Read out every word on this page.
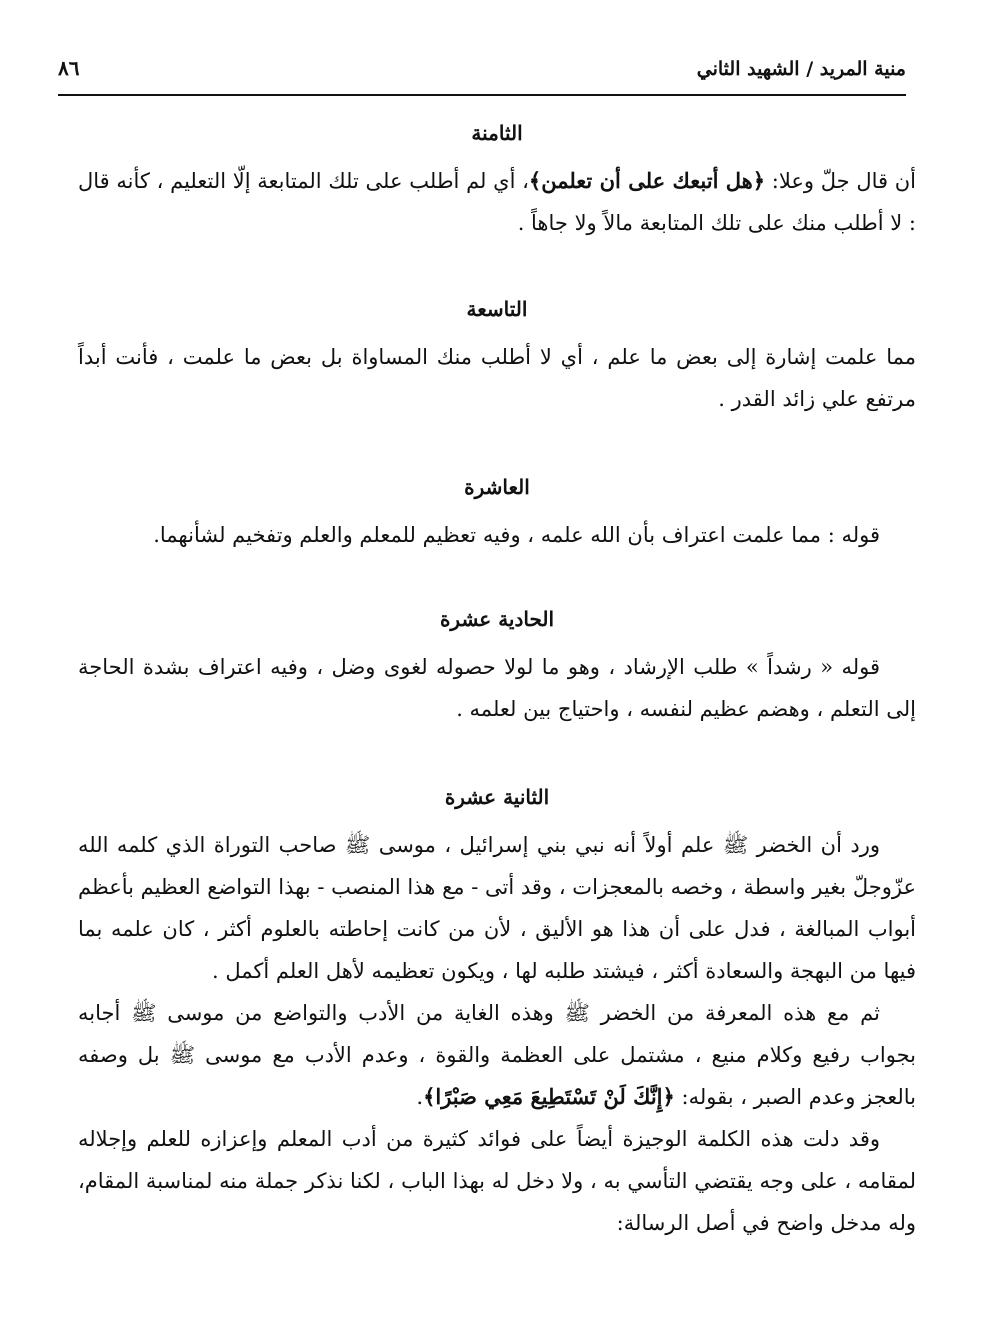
منية المريد / الشهيد الثاني
٨٦
الثامنة

أن قال جلّ وعلا: ﴿هل أتبعك على أن تعلمن﴾، أي لم أطلب على تلك المتابعة إلّا التعليم ، كأنه قال : لا أطلب منك على تلك المتابعة مالاً ولا جاهاً .

التاسعة

مما علمت إشارة إلى بعض ما علم ، أي لا أطلب منك المساواة بل بعض ما علمت ، فأنت أبداً مرتفع علي زائد القدر .

العاشرة

قوله : مما علمت اعتراف بأن الله علمه ، وفيه تعظيم للمعلم والعلم وتفخيم لشأنهما.

الحادية عشرة

قوله « رشداً » طلب الإرشاد ، وهو ما لولا حصوله لغوى وضل ، وفيه اعتراف بشدة الحاجة إلى التعلم ، وهضم عظيم لنفسه ، واحتياج بين لعلمه .

الثانية عشرة

ورد أن الخضر ﷺ علم أولاً أنه نبي بني إسرائيل ، موسى ﷺ صاحب التوراة الذي كلمه الله عزّوجلّ بغير واسطة ، وخصه بالمعجزات ، وقد أتى - مع هذا المنصب - بهذا التواضع العظيم بأعظم أبواب المبالغة ، فدل على أن هذا هو الأليق ، لأن من كانت إحاطته بالعلوم أكثر ، كان علمه بما فيها من البهجة والسعادة أكثر ، فيشتد طلبه لها ، ويكون تعظيمه لأهل العلم أكمل .

ثم مع هذه المعرفة من الخضر ﷺ وهذه الغاية من الأدب والتواضع من موسى ﷺ أجابه بجواب رفيع وكلام منيع ، مشتمل على العظمة والقوة ، وعدم الأدب مع موسى ﷺ بل وصفه بالعجز وعدم الصبر ، بقوله: ﴿إِنَّكَ لَنْ تَسْتَطِيعَ مَعِي صَبْرًا﴾.

وقد دلت هذه الكلمة الوجيزة أيضاً على فوائد كثيرة من أدب المعلم وإعزازه للعلم وإجلاله لمقامه ، على وجه يقتضي التأسي به ، ولا دخل له بهذا الباب ، لكنا نذكر جملة منه لمناسبة المقام، وله مدخل واضح في أصل الرسالة:
